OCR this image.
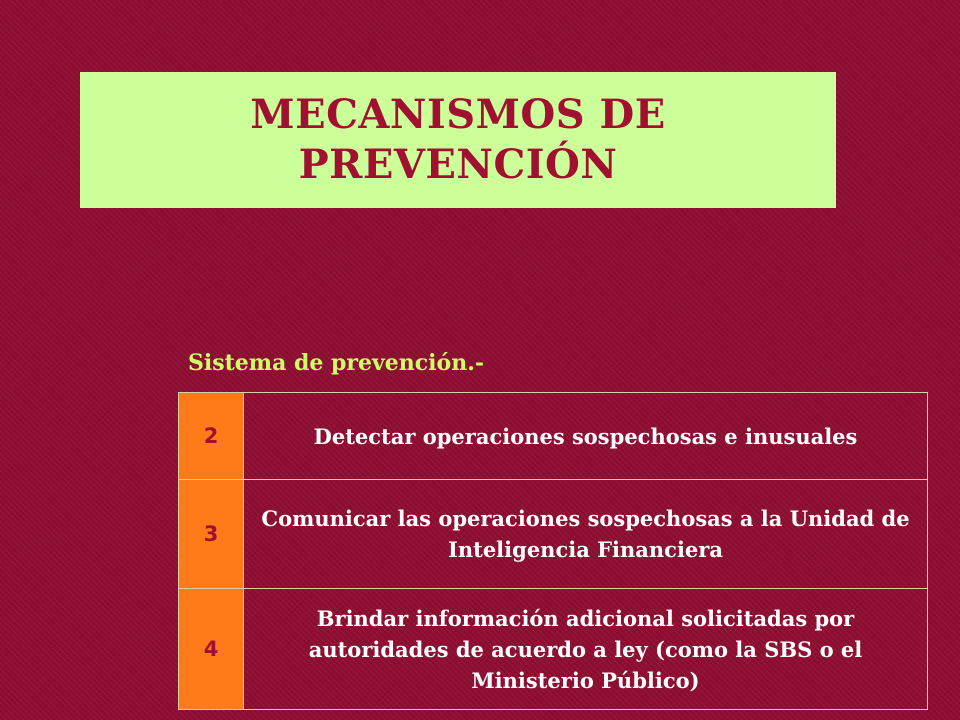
MECANISMOS DE
PREVENCIÓN
Sistema de prevención.-
2	Detectar operaciones sospechosas e inusuales
3	Comunicar las operaciones sospechosas a la Unidad de Inteligencia Financiera
4	Brindar información adicional solicitadas por autoridades de acuerdo a ley (como la SBS o el Ministerio Público)
